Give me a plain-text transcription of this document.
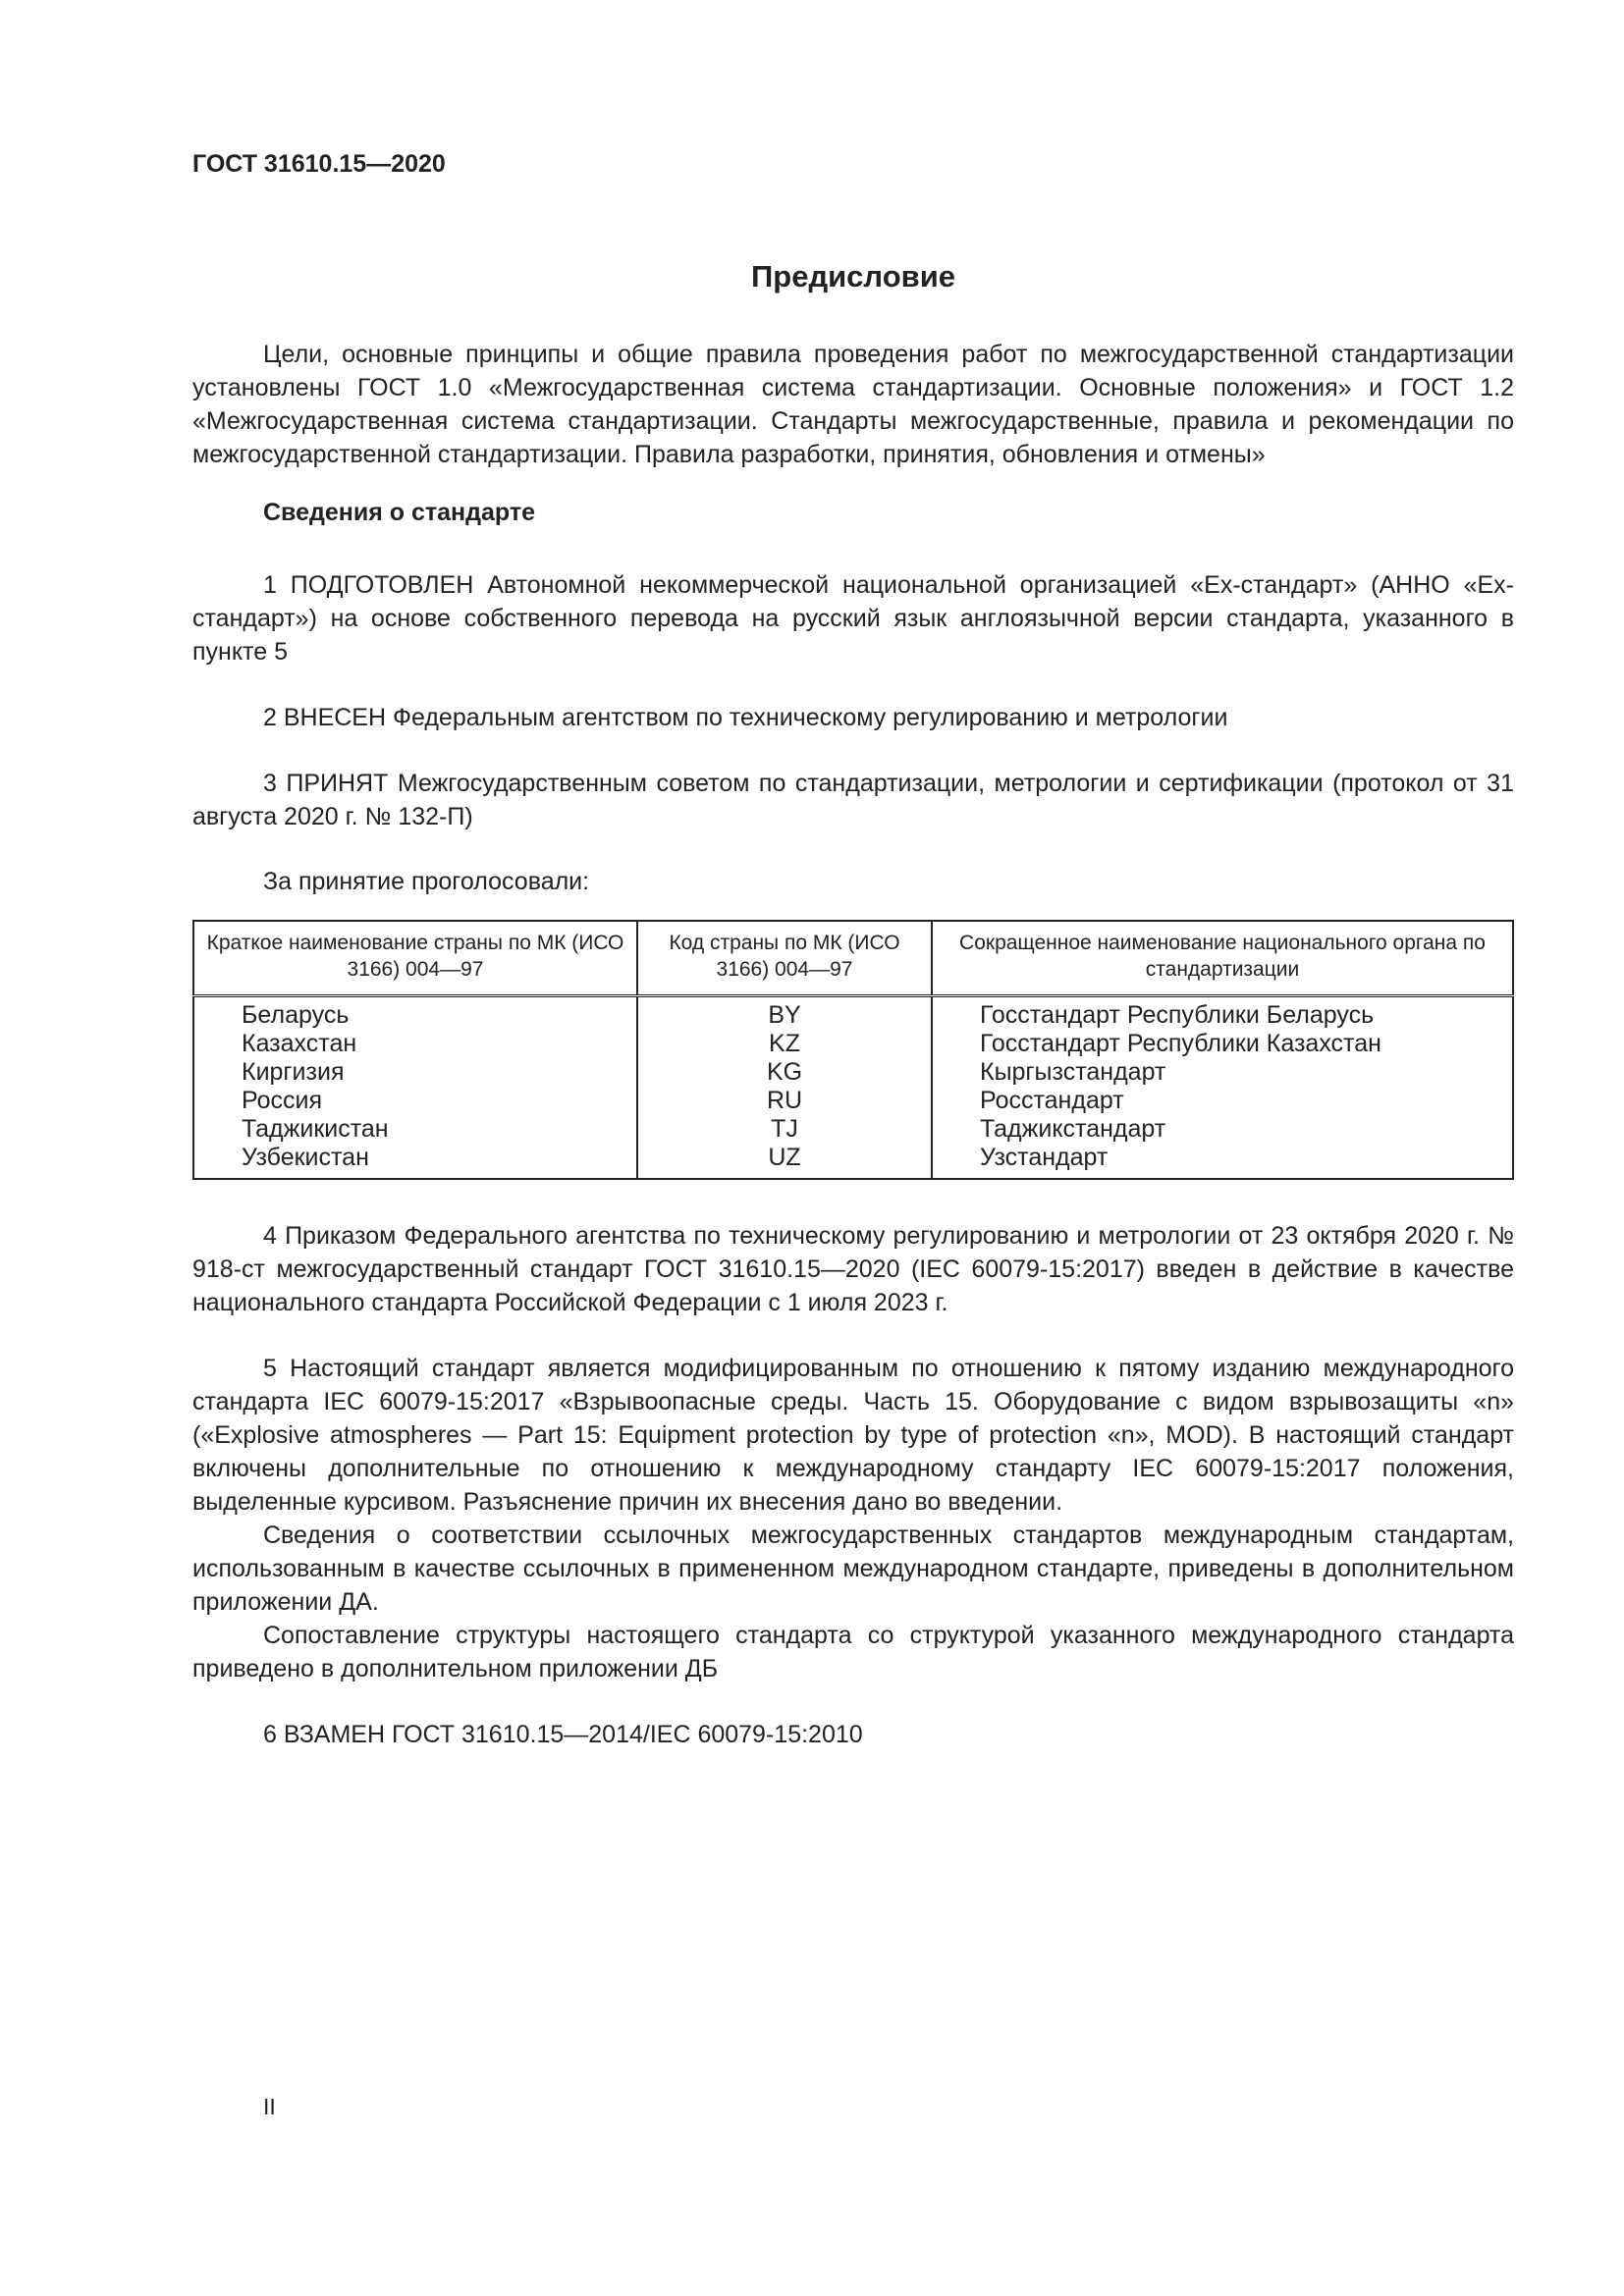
ГОСТ 31610.15—2020

Предисловие

Цели, основные принципы и общие правила проведения работ по межгосударственной стандартизации установлены ГОСТ 1.0 «Межгосударственная система стандартизации. Основные положения» и ГОСТ 1.2 «Межгосударственная система стандартизации. Стандарты межгосударственные, правила и рекомендации по межгосударственной стандартизации. Правила разработки, принятия, обновления и отмены»

Сведения о стандарте

1 ПОДГОТОВЛЕН Автономной некоммерческой национальной организацией «Ех-стандарт» (АННО «Ех-стандарт») на основе собственного перевода на русский язык англоязычной версии стандарта, указанного в пункте 5

2 ВНЕСЕН Федеральным агентством по техническому регулированию и метрологии

3 ПРИНЯТ Межгосударственным советом по стандартизации, метрологии и сертификации (протокол от 31 августа 2020 г. № 132-П)

За принятие проголосовали:

Краткое наименование страны по МК (ИСО 3166) 004—97	Код страны по МК (ИСО 3166) 004—97	Сокращенное наименование национального органа по стандартизации
Беларусь	BY	Госстандарт Республики Беларусь
Казахстан	KZ	Госстандарт Республики Казахстан
Киргизия	KG	Кыргызстандарт
Россия	RU	Росстандарт
Таджикистан	TJ	Таджикстандарт
Узбекистан	UZ	Узстандарт

4 Приказом Федерального агентства по техническому регулированию и метрологии от 23 октября 2020 г. № 918-ст межгосударственный стандарт ГОСТ 31610.15—2020 (IEC 60079-15:2017) введен в действие в качестве национального стандарта Российской Федерации с 1 июля 2023 г.

5 Настоящий стандарт является модифицированным по отношению к пятому изданию международного стандарта IEC 60079-15:2017 «Взрывоопасные среды. Часть 15. Оборудование с видом взрывозащиты «n» («Explosive atmospheres — Part 15: Equipment protection by type of protection «n», MOD). В настоящий стандарт включены дополнительные по отношению к международному стандарту IEC 60079-15:2017 положения, выделенные курсивом. Разъяснение причин их внесения дано во введении.

Сведения о соответствии ссылочных межгосударственных стандартов международным стандартам, использованным в качестве ссылочных в примененном международном стандарте, приведены в дополнительном приложении ДА.

Сопоставление структуры настоящего стандарта со структурой указанного международного стандарта приведено в дополнительном приложении ДБ

6 ВЗАМЕН ГОСТ 31610.15—2014/IEC 60079-15:2010

II
